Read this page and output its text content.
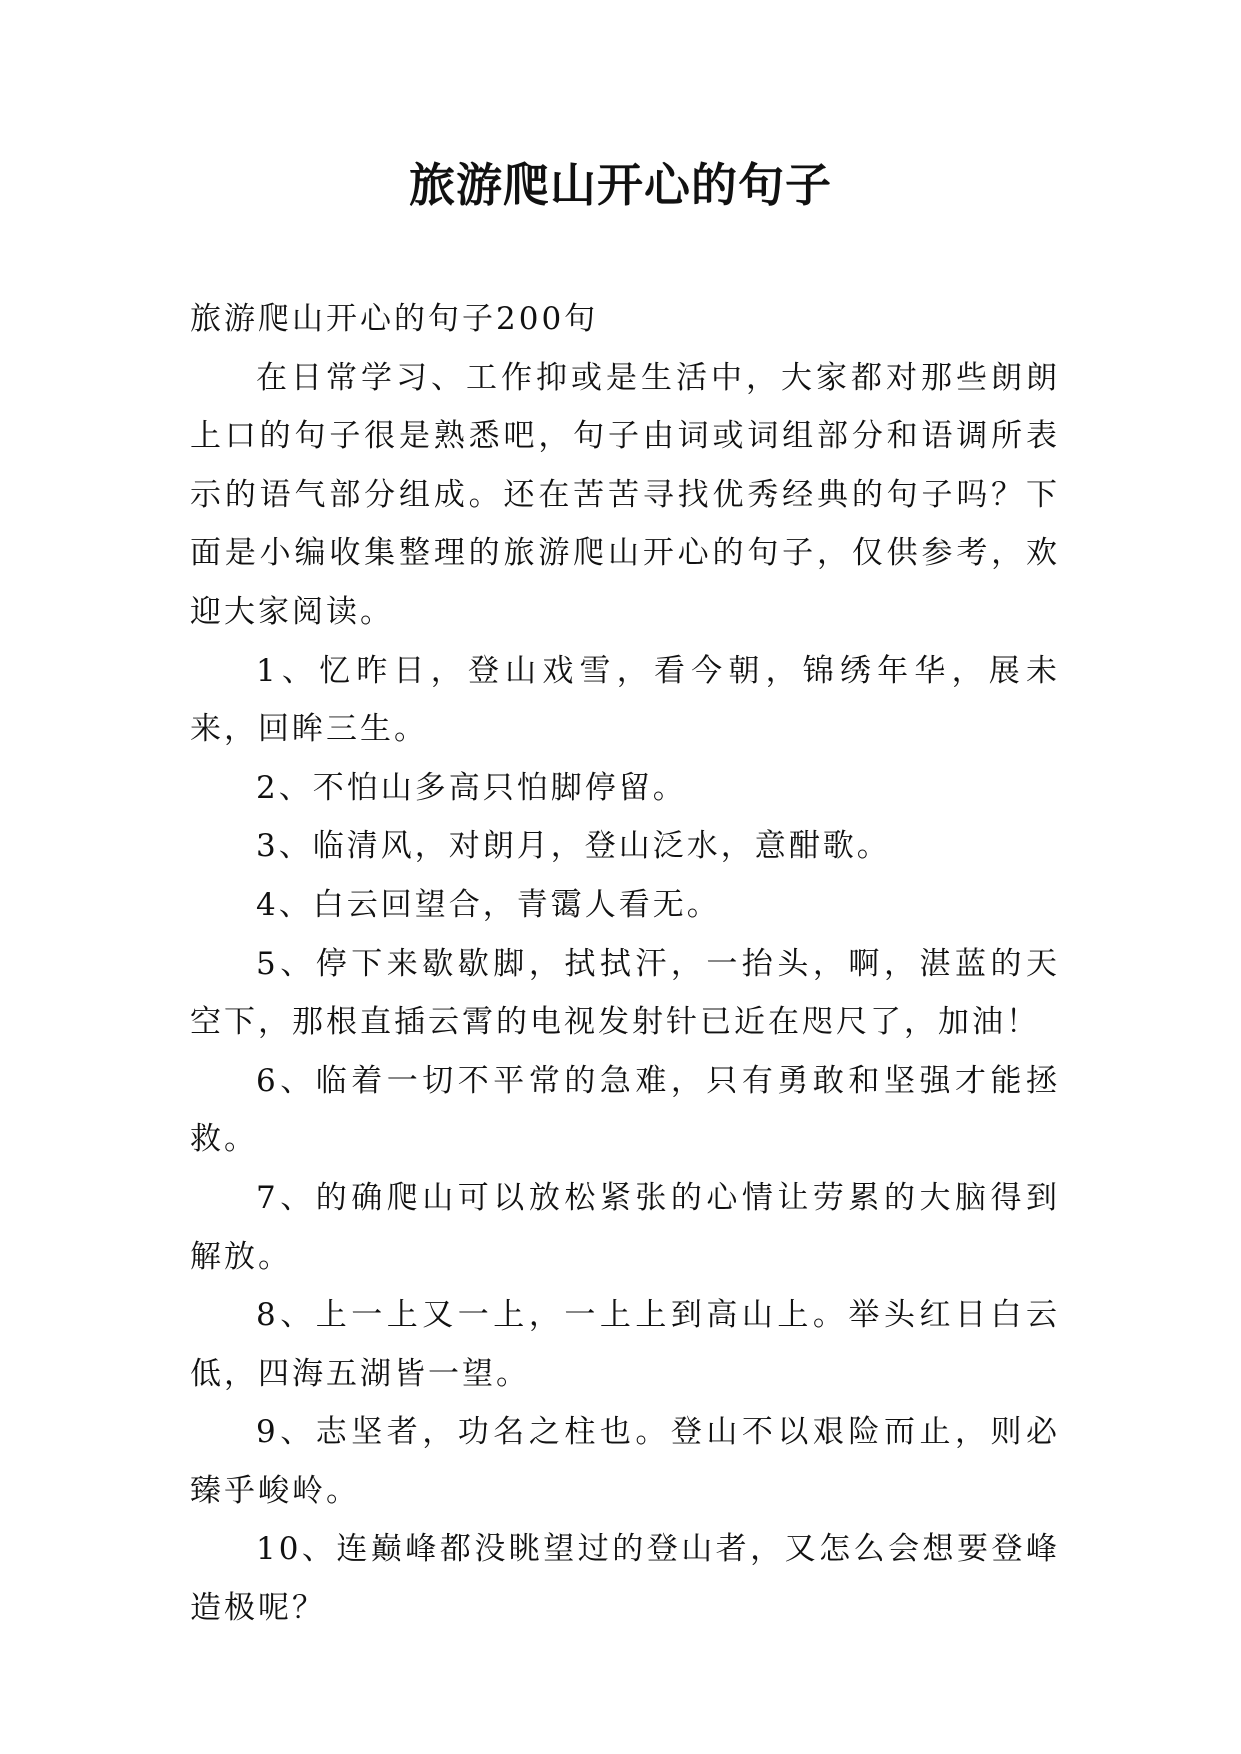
旅游爬山开心的句子

旅游爬山开心的句子200句

在日常学习、工作抑或是生活中，大家都对那些朗朗上口的句子很是熟悉吧，句子由词或词组部分和语调所表示的语气部分组成。还在苦苦寻找优秀经典的句子吗？下面是小编收集整理的旅游爬山开心的句子，仅供参考，欢迎大家阅读。

1、忆昨日，登山戏雪，看今朝，锦绣年华，展未来，回眸三生。

2、不怕山多高只怕脚停留。

3、临清风，对朗月，登山泛水，意酣歌。

4、白云回望合，青霭人看无。

5、停下来歇歇脚，拭拭汗，一抬头，啊，湛蓝的天空下，那根直插云霄的电视发射针已近在咫尺了，加油！

6、临着一切不平常的急难，只有勇敢和坚强才能拯救。

7、的确爬山可以放松紧张的心情让劳累的大脑得到解放。

8、上一上又一上，一上上到高山上。举头红日白云低，四海五湖皆一望。

9、志坚者，功名之柱也。登山不以艰险而止，则必臻乎峻岭。

10、连巅峰都没眺望过的登山者，又怎么会想要登峰造极呢？
